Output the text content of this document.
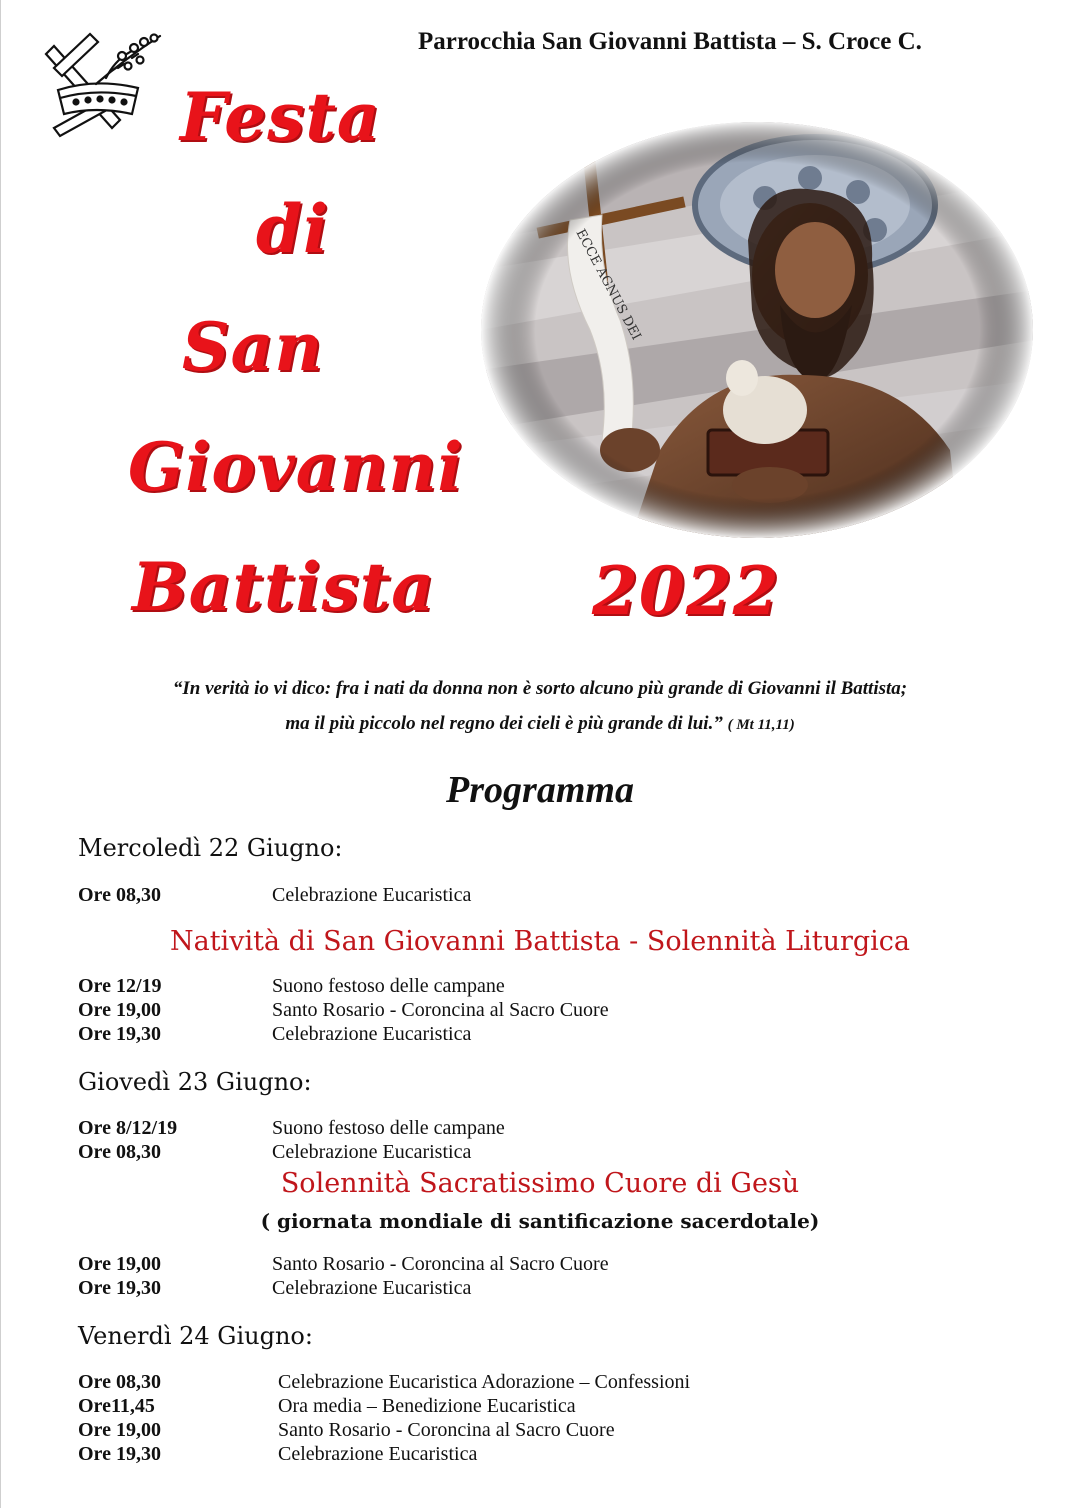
Parrocchia San Giovanni Battista – S. Croce C.
Festa
di
San
Giovanni
Battista 2022
“In verità io vi dico: fra i nati da donna non è sorto alcuno più grande di Giovanni il Battista;
ma il più piccolo nel regno dei cieli è più grande di lui.” ( Mt 11,11)
Programma
Mercoledì 22 Giugno:
Ore 08,30	Celebrazione Eucaristica
Natività di San Giovanni Battista - Solennità Liturgica
Ore 12/19	Suono festoso delle campane
Ore 19,00	Santo Rosario - Coroncina al Sacro Cuore
Ore 19,30	Celebrazione Eucaristica
Giovedì 23 Giugno:
Ore 8/12/19	Suono festoso delle campane
Ore 08,30	Celebrazione Eucaristica
Solennità Sacratissimo Cuore di Gesù
( giornata mondiale di santificazione sacerdotale)
Ore 19,00	Santo Rosario - Coroncina al Sacro Cuore
Ore 19,30	Celebrazione Eucaristica
Venerdì 24 Giugno:
Ore 08,30	Celebrazione Eucaristica Adorazione – Confessioni
Ore11,45	Ora media – Benedizione Eucaristica
Ore 19,00	Santo Rosario - Coroncina al Sacro Cuore
Ore 19,30	Celebrazione Eucaristica
